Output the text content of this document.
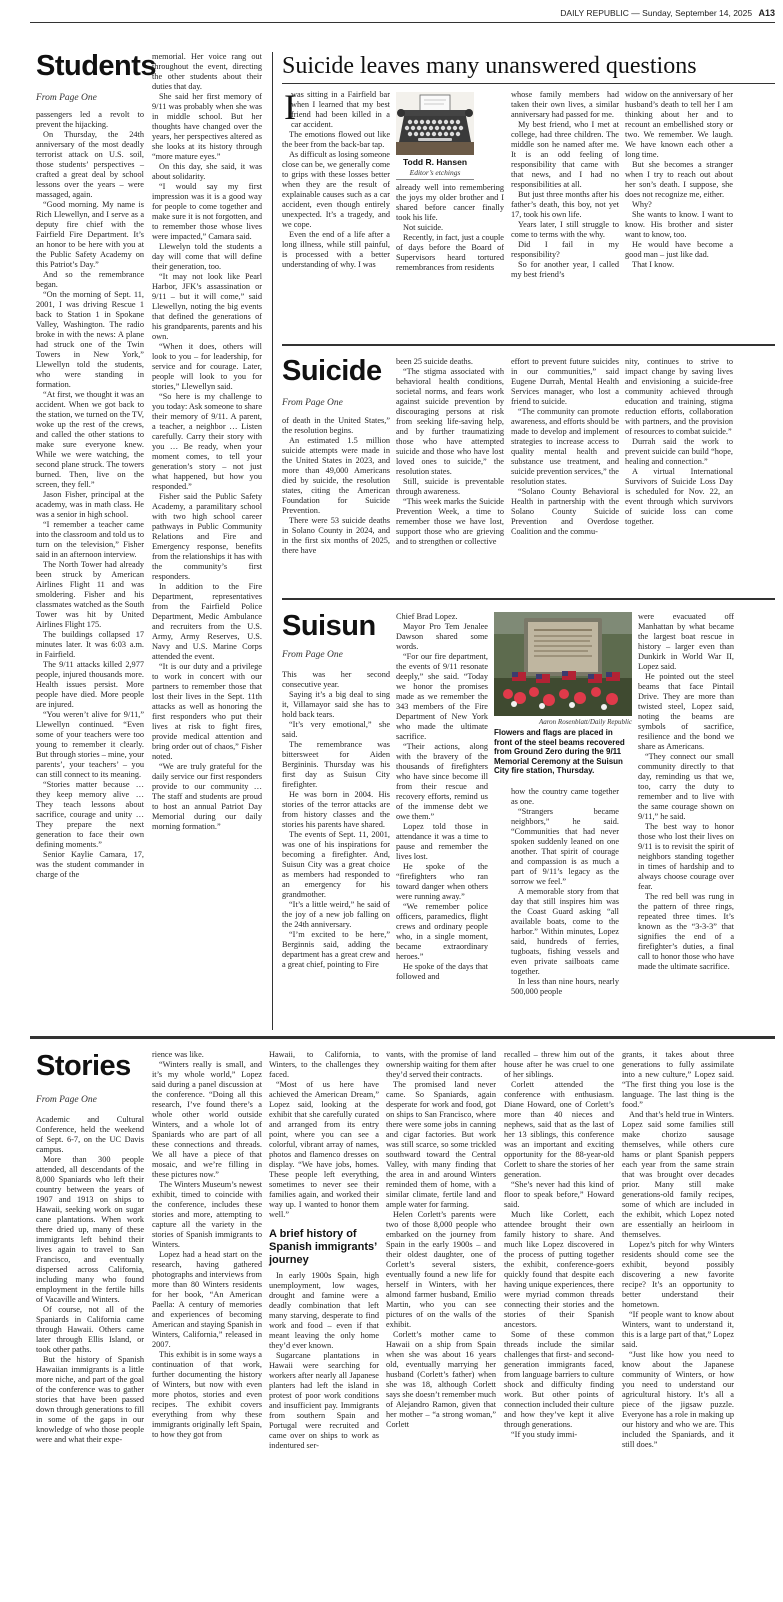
DAILY REPUBLIC — Sunday, September 14, 2025 A13
Students
From Page One

passengers led a revolt to prevent the hijacking.

On Thursday, the 24th anniversary of the most deadly terrorist attack on U.S. soil, those students’ perspectives – crafted a great deal by school lessons over the years – were massaged, again.

“Good morning. My name is Rich Llewellyn, and I serve as a deputy fire chief with the Fairfield Fire Department. It’s an honor to be here with you at the Public Safety Academy on this Patriot’s Day.”

And so the remembrance began.

“On the morning of Sept. 11, 2001, I was driving Rescue 1 back to Station 1 in Spokane Valley, Washington. The radio broke in with the news: A plane had struck one of the Twin Towers in New York,” Llewellyn told the students, who were standing in formation.

“At first, we thought it was an accident. When we got back to the station, we turned on the TV, woke up the rest of the crews, and called the other stations to make sure everyone knew. While we were watching, the second plane struck. The towers burned. Then, live on the screen, they fell.”

Jason Fisher, principal at the academy, was in math class. He was a senior in high school.

“I remember a teacher came into the classroom and told us to turn on the television,” Fisher said in an afternoon interview.

The North Tower had already been struck by American Airlines Flight 11 and was smoldering. Fisher and his classmates watched as the South Tower was hit by United Airlines Flight 175.

The buildings collapsed 17 minutes later. It was 6:03 a.m. in Fairfield.

The 9/11 attacks killed 2,977 people, injured thousands more. Health issues persist. More people have died. More people are injured.

“You weren’t alive for 9/11,” Llewellyn continued. “Even some of your teachers were too young to remember it clearly. But through stories – mine, your parents’, your teachers’ – you can still connect to its meaning.

“Stories matter because … they keep memory alive … They teach lessons about sacrifice, courage and unity … They prepare the next generation to face their own defining moments.”

Senior Kaylie Camara, 17, was the student commander in charge of the

memorial. Her voice rang out throughout the event, directing the other students about their duties that day.

She said her first memory of 9/11 was probably when she was in middle school. But her thoughts have changed over the years, her perspectives altered as she looks at its history through “more mature eyes.”

On this day, she said, it was about solidarity.

“I would say my first impression was it is a good way for people to come together and make sure it is not forgotten, and to remember those whose lives were impacted,” Camara said.

Llewelyn told the students a day will come that will define their generation, too.

“It may not look like Pearl Harbor, JFK’s assassination or 9/11 – but it will come,” said Llewellyn, noting the big events that defined the generations of his grandparents, parents and his own.

“When it does, others will look to you – for leadership, for service and for courage. Later, people will look to you for stories,” Llewellyn said.

“So here is my challenge to you today: Ask someone to share their memory of 9/11. A parent, a teacher, a neighbor … Listen carefully. Carry their story with you … Be ready, when your moment comes, to tell your generation’s story – not just what happened, but how you responded.”

Fisher said the Public Safety Academy, a paramilitary school with two high school career pathways in Public Community Relations and Fire and Emergency response, benefits from the relationships it has with the community’s first responders.

In addition to the Fire Department, representatives from the Fairfield Police Department, Medic Ambulance and recruiters from the U.S. Army, Army Reserves, U.S. Navy and U.S. Marine Corps attended the event.

“It is our duty and a privilege to work in concert with our partners to remember those that lost their lives in the Sept. 11th attacks as well as honoring the first responders who put their lives at risk to fight fires, provide medical attention and bring order out of chaos,” Fisher noted.

“We are truly grateful for the daily service our first responders provide to our community … The staff and students are proud to host an annual Patriot Day Memorial during our daily morning formation.”

Suicide leaves many unanswered questions
I

was sitting in a Fairfield bar when I learned that my best friend had been killed in a car accident.

The emotions flowed out like the beer from the back-bar tap.

As difficult as losing someone close can be, we generally come to grips with these losses better when they are the result of explainable causes such as a car accident, even though entirely unexpected. It’s a tragedy, and we cope.

Even the end of a life after a long illness, while still painful, is processed with a better understanding of why. I was

Todd R. Hansen
Editor’s etchings

already well into remembering the joys my older brother and I shared before cancer finally took his life.

Not suicide.

Recently, in fact, just a couple of days before the Board of Supervisors heard tortured remembrances from residents

whose family members had taken their own lives, a similar anniversary had passed for me.

My best friend, who I met at college, had three children. The middle son he named after me. It is an odd feeling of responsibility that came with that news, and I had no responsibilities at all.

But just three months after his father’s death, this boy, not yet 17, took his own life.

Years later, I still struggle to come to terms with the why.

Did I fail in my responsibility?

So for another year, I called my best friend’s

widow on the anniversary of her husband’s death to tell her I am thinking about her and to recount an embellished story or two. We remember. We laugh. We have known each other a long time.

But she becomes a stranger when I try to reach out about her son’s death. I suppose, she does not recognize me, either.

Why?

She wants to know. I want to know. His brother and sister want to know, too.

He would have become a good man – just like dad.

That I know.

Suicide
From Page One

of death in the United States,” the resolution begins.

An estimated 1.5 million suicide attempts were made in the United States in 2023, and more than 49,000 Americans died by suicide, the resolution states, citing the American Foundation for Suicide Prevention.

There were 53 suicide deaths in Solano County in 2024, and in the first six months of 2025, there have

been 25 suicide deaths.

“The stigma associated with behavioral health conditions, societal norms, and fears work against suicide prevention by discouraging persons at risk from seeking life-saving help, and by further traumatizing those who have attempted suicide and those who have lost loved ones to suicide,” the resolution states.

Still, suicide is preventable through awareness.

“This week marks the Suicide Prevention Week, a time to remember those we have lost, support those who are grieving and to strengthen or collective

effort to prevent future suicides in our communities,” said Eugene Durrah, Mental Health Services manager, who lost a friend to suicide.

“The community can promote awareness, and efforts should be made to develop and implement strategies to increase access to quality mental health and substance use treatment, and suicide prevention services,” the resolution states.

“Solano County Behavioral Health in partnership with the Solano County Suicide Prevention and Overdose Coalition and the commu-

nity, continues to strive to impact change by saving lives and envisioning a suicide-free community achieved through education and training, stigma reduction efforts, collaboration with partners, and the provision of resources to combat suicide.”

Durrah said the work to prevent suicide can build “hope, healing and connection.”

A virtual International Survivors of Suicide Loss Day is scheduled for Nov. 22, an event through which survivors of suicide loss can come together.

Suisun
From Page One

This was her second consecutive year.

Saying it’s a big deal to sing it, Villamayor said she has to hold back tears.

“It’s very emotional,” she said.

The remembrance was bittersweet for Aiden Bergininis. Thursday was his first day as Suisun City firefighter.

He was born in 2004. His stories of the terror attacks are from history classes and the stories his parents have shared.

The events of Sept. 11, 2001, was one of his inspirations for becoming a firefighter. And, Suisun City was a great choice as members had responded to an emergency for his grandmother.

“It’s a little weird,” he said of the joy of a new job falling on the 24th anniversary.

“I’m excited to be here,” Berginnis said, adding the department has a great crew and a great chief, pointing to Fire

Chief Brad Lopez.

Mayor Pro Tem Jenalee Dawson shared some words.

“For our fire department, the events of 9/11 resonate deeply,” she said. “Today we honor the promises made as we remember the 343 members of the Fire Department of New York who made the ultimate sacrifice.

“Their actions, along with the bravery of the thousands of firefighters who have since become ill from their rescue and recovery efforts, remind us of the immense debt we owe them.”

Lopez told those in attendance it was a time to pause and remember the lives lost.

He spoke of the “firefighters who ran toward danger when others were running away.”

“We remember police officers, paramedics, flight crews and ordinary people who, in a single moment, became extraordinary heroes.”

He spoke of the days that followed and

Aaron Rosenblatt/Daily Republic
Flowers and flags are placed in front of the steel beams recovered from Ground Zero during the 9/11 Memorial Ceremony at the Suisun City fire station, Thursday.

how the country came together as one.

“Strangers became neighbors,” he said. “Communities that had never spoken suddenly leaned on one another. That spirit of courage and compassion is as much a part of 9/11’s legacy as the sorrow we feel.”

A memorable story from that day that still inspires him was the Coast Guard asking “all available boats, come to the harbor.” Within minutes, Lopez said, hundreds of ferries, tugboats, fishing vessels and even private sailboats came together.

In less than nine hours, nearly 500,000 people

were evacuated off Manhattan by what became the largest boat rescue in history – larger even than Dunkirk in World War II, Lopez said.

He pointed out the steel beams that face Pintail Drive. They are more than twisted steel, Lopez said, noting the beams are symbols of sacrifice, resilience and the bond we share as Americans.

“They connect our small community directly to that day, reminding us that we, too, carry the duty to remember and to live with the same courage shown on 9/11,” he said.

The best way to honor those who lost their lives on 9/11 is to revisit the spirit of neighbors standing together in times of hardship and to always choose courage over fear.

The red bell was rung in the pattern of three rings, repeated three times. It’s known as the “3-3-3” that signifies the end of a firefighter’s duties, a final call to honor those who have made the ultimate sacrifice.

Stories
From Page One

Academic and Cultural Conference, held the weekend of Sept. 6-7, on the UC Davis campus.

More than 300 people attended, all descendants of the 8,000 Spaniards who left their country between the years of 1907 and 1913 on ships to Hawaii, seeking work on sugar cane plantations. When work there dried up, many of these immigrants left behind their lives again to travel to San Francisco, and eventually dispersed across California, including many who found employment in the fertile hills of Vacaville and Winters.

Of course, not all of the Spaniards in California came through Hawaii. Others came later through Ellis Island, or took other paths.

But the history of Spanish Hawaiian immigrants is a little more niche, and part of the goal of the conference was to gather stories that have been passed down through generations to fill in some of the gaps in our knowledge of who those people were and what their expe-

rience was like.

“Winters really is small, and it’s my whole world,” Lopez said during a panel discussion at the conference. “Doing all this research, I’ve found there’s a whole other world outside Winters, and a whole lot of Spaniards who are part of all these connections and threads. We all have a piece of that mosaic, and we’re filling in these pictures now.”

The Winters Museum’s newest exhibit, timed to coincide with the conference, includes these stories and more, attempting to capture all the variety in the stories of Spanish immigrants to Winters.

Lopez had a head start on the research, having gathered photographs and interviews from more than 80 Winters residents for her book, “An American Paella: A century of memories and experiences of becoming American and staying Spanish in Winters, California,” released in 2007.

This exhibit is in some ways a continuation of that work, further documenting the history of Winters, but now with even more photos, stories and even recipes. The exhibit covers everything from why these immigrants originally left Spain, to how they got from

Hawaii, to California, to Winters, to the challenges they faced.

“Most of us here have achieved the American Dream,” Lopez said, looking at the exhibit that she carefully curated and arranged from its entry point, where you can see a colorful, vibrant array of names, photos and flamenco dresses on display. “We have jobs, homes. These people left everything, sometimes to never see their families again, and worked their way up. I wanted to honor them well.”

A brief history of Spanish immigrants’ journey

In early 1900s Spain, high unemployment, low wages, drought and famine were a deadly combination that left many starving, desperate to find work and food – even if that meant leaving the only home they’d ever known.

Sugarcane plantations in Hawaii were searching for workers after nearly all Japanese planters had left the island in protest of poor work conditions and insufficient pay. Immigrants from southern Spain and Portugal were recruited and came over on ships to work as indentured ser-

vants, with the promise of land ownership waiting for them after they’d served their contracts.

The promised land never came. So Spaniards, again desperate for work and food, got on ships to San Francisco, where there were some jobs in canning and cigar factories. But work was still scarce, so some trickled southward toward the Central Valley, with many finding that the area in and around Winters reminded them of home, with a similar climate, fertile land and ample water for farming.

Helen Corlett’s parents were two of those 8,000 people who embarked on the journey from Spain in the early 1900s – and their oldest daughter, one of Corlett’s several sisters, eventually found a new life for herself in Winters, with her almond farmer husband, Emilio Martin, who you can see pictures of on the walls of the exhibit.

Corlett’s mother came to Hawaii on a ship from Spain when she was about 16 years old, eventually marrying her husband (Corlett’s father) when she was 18, although Corlett says she doesn’t remember much of Alejandro Ramon, given that her mother – “a strong woman,” Corlett

recalled – threw him out of the house after he was cruel to one of her siblings.

Corlett attended the conference with enthusiasm. Diane Howard, one of Corlett’s more than 40 nieces and nephews, said that as the last of her 13 siblings, this conference was an important and exciting opportunity for the 88-year-old Corlett to share the stories of her generation.

“She’s never had this kind of floor to speak before,” Howard said.

Much like Corlett, each attendee brought their own family history to share. And much like Lopez discovered in the process of putting together the exhibit, conference-goers quickly found that despite each having unique experiences, there were myriad common threads connecting their stories and the stories of their Spanish ancestors.

Some of these common threads include the similar challenges that first- and second-generation immigrants faced, from language barriers to culture shock and difficulty finding work. But other points of connection included their culture and how they’ve kept it alive through generations.

“If you study immi-

grants, it takes about three generations to fully assimilate into a new culture,” Lopez said. “The first thing you lose is the language. The last thing is the food.”

And that’s held true in Winters. Lopez said some families still make chorizo sausage themselves, while others cure hams or plant Spanish peppers each year from the same strain that was brought over decades prior. Many still make generations-old family recipes, some of which are included in the exhibit, which Lopez noted are essentially an heirloom in themselves.

Lopez’s pitch for why Winters residents should come see the exhibit, beyond possibly discovering a new favorite recipe? It’s an opportunity to better understand their hometown.

“If people want to know about Winters, want to understand it, this is a large part of that,” Lopez said.

“Just like how you need to know about the Japanese community of Winters, or how you need to understand our agricultural history. It’s all a piece of the jigsaw puzzle. Everyone has a role in making up our history and who we are. This included the Spaniards, and it still does.”
